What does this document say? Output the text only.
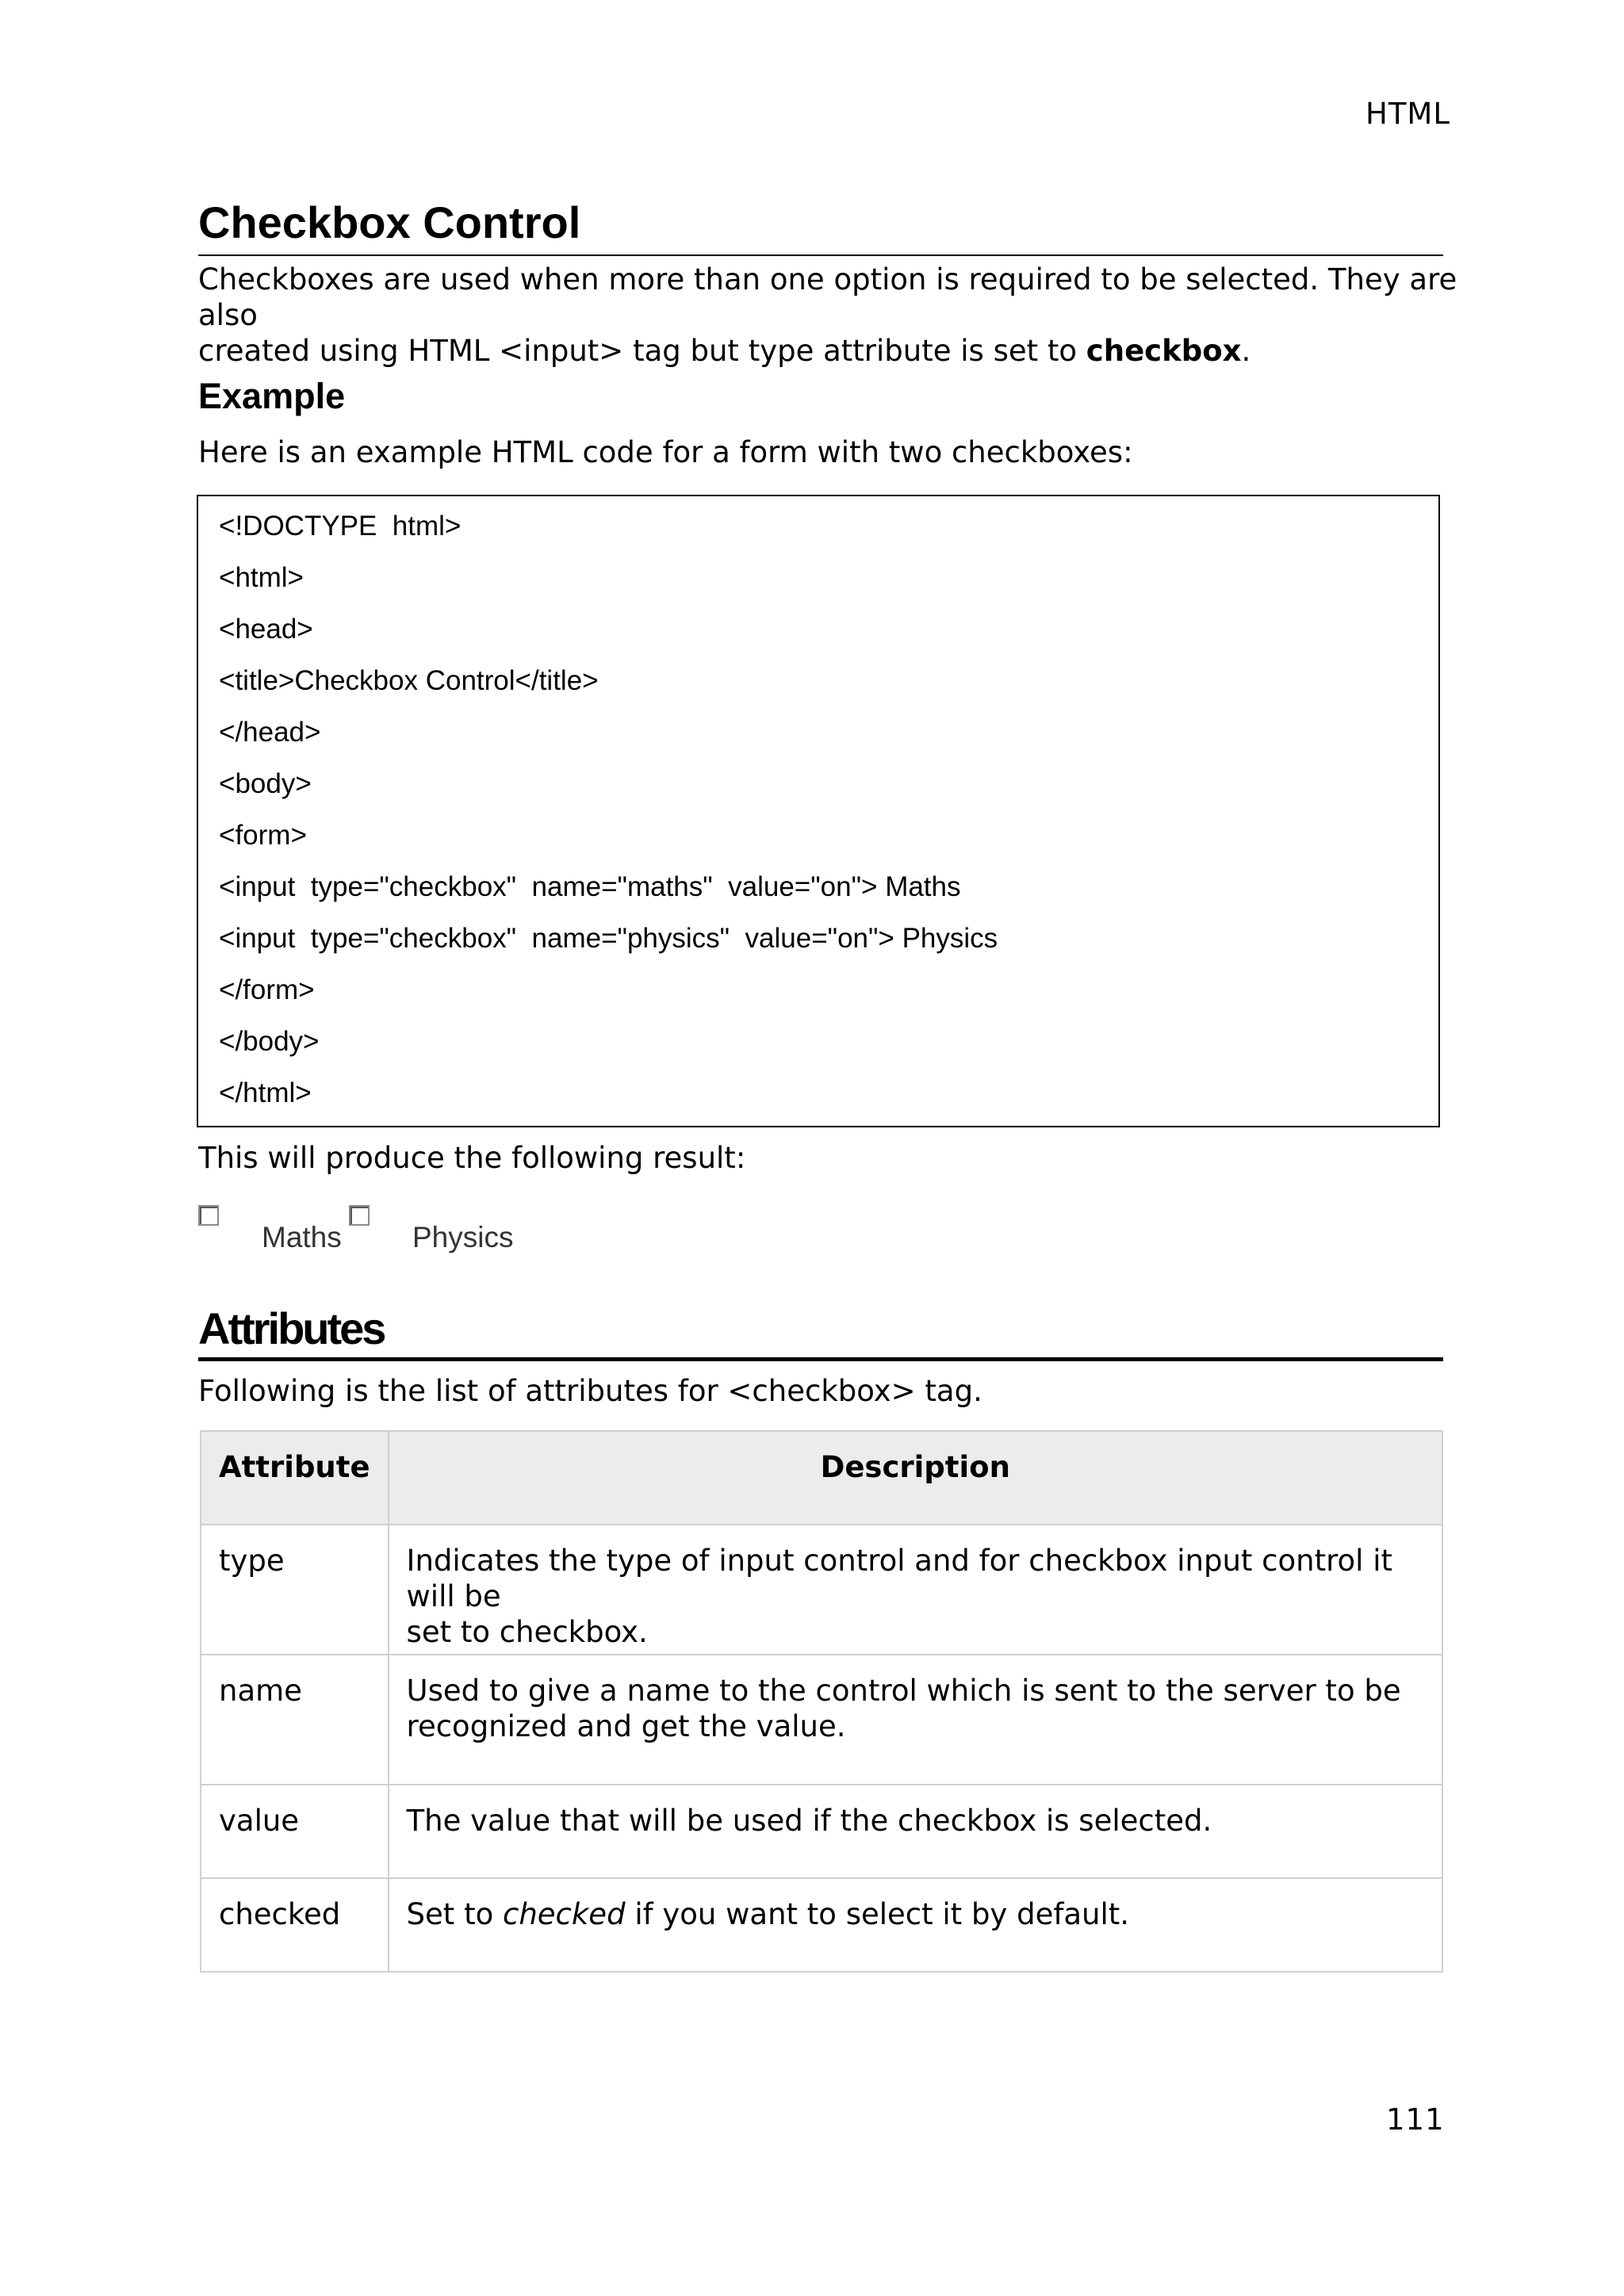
HTML
Checkbox Control

Checkboxes are used when more than one option is required to be selected. They are also
created using HTML <input> tag but type attribute is set to checkbox.

Example

Here is an example HTML code for a form with two checkboxes:

<!DOCTYPE  html>
<html>
<head>
<title>Checkbox Control</title>
</head>
<body>
<form>
<input  type="checkbox"  name="maths"  value="on"> Maths
<input  type="checkbox"  name="physics"  value="on"> Physics
</form>
</body>
</html>

This will produce the following result:

Maths Physics
Attributes

Following is the list of attributes for <checkbox> tag.

Attribute	Description
type	Indicates the type of input control and for checkbox input control it will be
set to checkbox.
name	Used to give a name to the control which is sent to the server to be
recognized and get the value.
value	The value that will be used if the checkbox is selected.
checked	Set to checked if you want to select it by default.
111
